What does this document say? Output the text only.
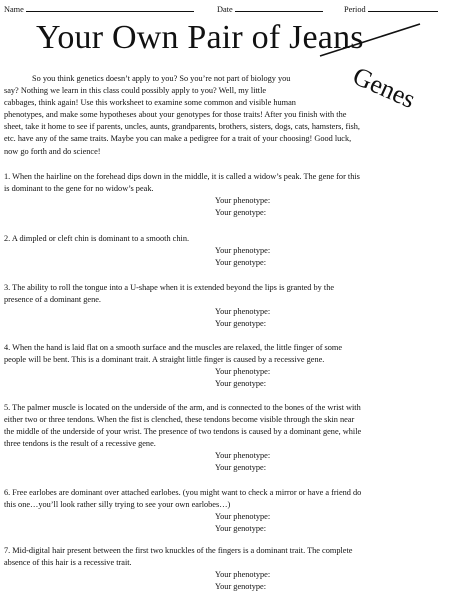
Name	Date	Period
Your Own Pair of Jeans
Genes
So you think genetics doesn’t apply to you? So you’re not part of biology you
say? Nothing we learn in this class could possibly apply to you? Well, my little
cabbages, think again! Use this worksheet to examine some common and visible human
phenotypes, and make some hypotheses about your genotypes for those traits! After you finish with the
sheet, take it home to see if parents, uncles, aunts, grandparents, brothers, sisters, dogs, cats, hamsters, fish,
etc. have any of the same traits. Maybe you can make a pedigree for a trait of your choosing! Good luck,
now go forth and do science!
1. When the hairline on the forehead dips down in the middle, it is called a widow’s peak. The gene for this
is dominant to the gene for no widow’s peak.
Your phenotype:
Your genotype:
2. A dimpled or cleft chin is dominant to a smooth chin.
Your phenotype:
Your genotype:
3. The ability to roll the tongue into a U-shape when it is extended beyond the lips is granted by the
presence of a dominant gene.
Your phenotype:
Your genotype:
4. When the hand is laid flat on a smooth surface and the muscles are relaxed, the little finger of some
people will be bent. This is a dominant trait. A straight little finger is caused by a recessive gene.
Your phenotype:
Your genotype:
5. The palmer muscle is located on the underside of the arm, and is connected to the bones of the wrist with
either two or three tendons. When the fist is clenched, these tendons become visible through the skin near
the middle of the underside of your wrist. The presence of two tendons is caused by a dominant gene, while
three tendons is the result of a recessive gene.
Your phenotype:
Your genotype:
6. Free earlobes are dominant over attached earlobes. (you might want to check a mirror or have a friend do
this one…you’ll look rather silly trying to see your own earlobes…)
Your phenotype:
Your genotype:
7. Mid-digital hair present between the first two knuckles of the fingers is a dominant trait. The complete
absence of this hair is a recessive trait.
Your phenotype:
Your genotype:
